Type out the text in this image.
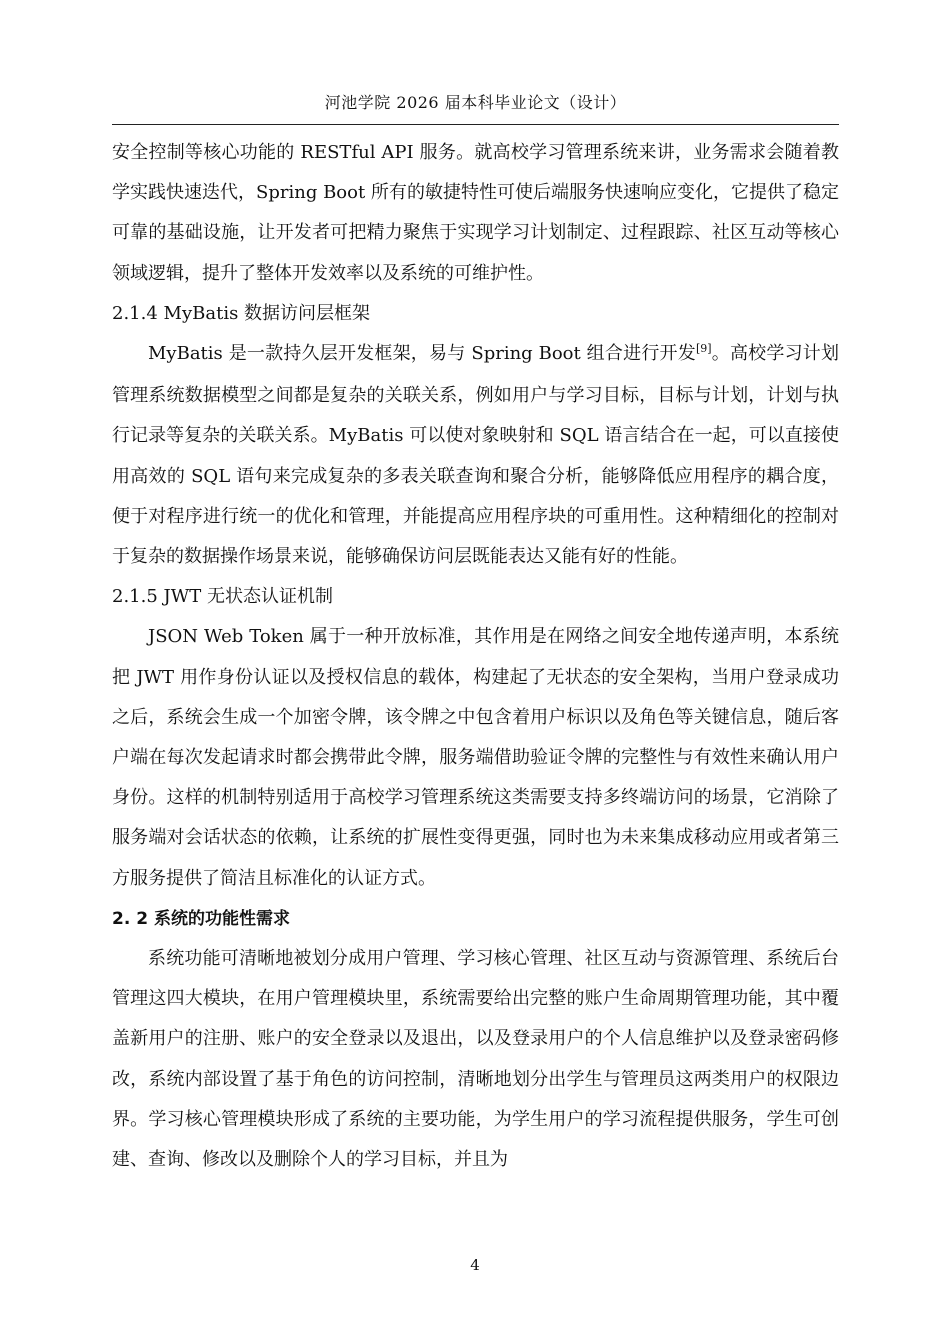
河池学院 2026 届本科毕业论文（设计）

安全控制等核心功能的 RESTful API 服务。就高校学习管理系统来讲，业务需求会随着教学实践快速迭代，Spring Boot 所有的敏捷特性可使后端服务快速响应变化，它提供了稳定可靠的基础设施，让开发者可把精力聚焦于实现学习计划制定、过程跟踪、社区互动等核心领域逻辑，提升了整体开发效率以及系统的可维护性。

2.1.4 MyBatis 数据访问层框架

MyBatis 是一款持久层开发框架，易与 Spring Boot 组合进行开发[9]。高校学习计划管理系统数据模型之间都是复杂的关联关系，例如用户与学习目标，目标与计划，计划与执行记录等复杂的关联关系。MyBatis 可以使对象映射和 SQL 语言结合在一起，可以直接使用高效的 SQL 语句来完成复杂的多表关联查询和聚合分析，能够降低应用程序的耦合度，便于对程序进行统一的优化和管理，并能提高应用程序块的可重用性。这种精细化的控制对于复杂的数据操作场景来说，能够确保访问层既能表达又能有好的性能。

2.1.5 JWT 无状态认证机制

JSON Web Token 属于一种开放标准，其作用是在网络之间安全地传递声明，本系统把 JWT 用作身份认证以及授权信息的载体，构建起了无状态的安全架构，当用户登录成功之后，系统会生成一个加密令牌，该令牌之中包含着用户标识以及角色等关键信息，随后客户端在每次发起请求时都会携带此令牌，服务端借助验证令牌的完整性与有效性来确认用户身份。这样的机制特别适用于高校学习管理系统这类需要支持多终端访问的场景，它消除了服务端对会话状态的依赖，让系统的扩展性变得更强，同时也为未来集成移动应用或者第三方服务提供了简洁且标准化的认证方式。

2. 2 系统的功能性需求

系统功能可清晰地被划分成用户管理、学习核心管理、社区互动与资源管理、系统后台管理这四大模块，在用户管理模块里，系统需要给出完整的账户生命周期管理功能，其中覆盖新用户的注册、账户的安全登录以及退出，以及登录用户的个人信息维护以及登录密码修改，系统内部设置了基于角色的访问控制，清晰地划分出学生与管理员这两类用户的权限边界。学习核心管理模块形成了系统的主要功能，为学生用户的学习流程提供服务，学生可创建、查询、修改以及删除个人的学习目标，并且为

4
